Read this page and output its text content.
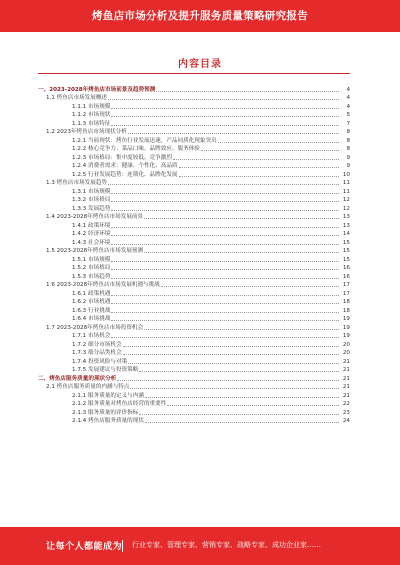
烤鱼店市场分析及提升服务质量策略研究报告
内容目录
一、2023-2028年烤鱼店市场前景及趋势预测	4
1.1 烤鱼店市场发展概述	4
1.1.1 市场规模	4
1.1.2 市场现状	5
1.1.3 市场特征	7
1.2 2023年烤鱼店市场现状分析	8
1.2.1 当前现状：烤鱼行业发展迅速，产品同质化现象突出	8
1.2.2 核心竞争力：菜品口味、品牌效应、服务体验	8
1.2.3 市场格局：集中度较低，竞争激烈	9
1.2.4 消费者需求：健康、个性化、高品质	9
1.2.5 行业发展趋势：连锁化、品牌化发展	10
1.3 烤鱼店市场发展趋势	11
1.3.1 市场规模	11
1.3.2 市场格局	12
1.3.3 发展趋势	12
1.4 2023-2028年烤鱼店市场发展前景	13
1.4.1 政策环境	13
1.4.2 经济环境	14
1.4.3 社会环境	15
1.5 2023-2028年烤鱼店市场发展预测	15
1.5.1 市场规模	15
1.5.2 市场格局	16
1.5.3 市场趋势	16
1.6 2023-2028年烤鱼店市场发展机遇与挑战	17
1.6.1 政策机遇	17
1.6.2 市场机遇	18
1.6.3 行业挑战	18
1.6.4 市场挑战	19
1.7 2023-2028年烤鱼店市场投资机会	19
1.7.1 市场机会	19
1.7.2 细分市场机会	20
1.7.3 细分品类机会	20
1.7.4 投资风险与对策	21
1.7.5 发展建议与投资策略	21
二、烤鱼店服务质量的现状分析	21
2.1 烤鱼店服务质量的内涵与特点	21
2.1.1 服务质量的定义与内涵	21
2.1.2 服务质量对烤鱼店经营的重要性	22
2.1.3 服务质量的评价指标	23
2.1.4 烤鱼店服务质量的现状	24
让每个人都能成为 行业专家、管理专家、营销专家、战略专家、成功企业家……
